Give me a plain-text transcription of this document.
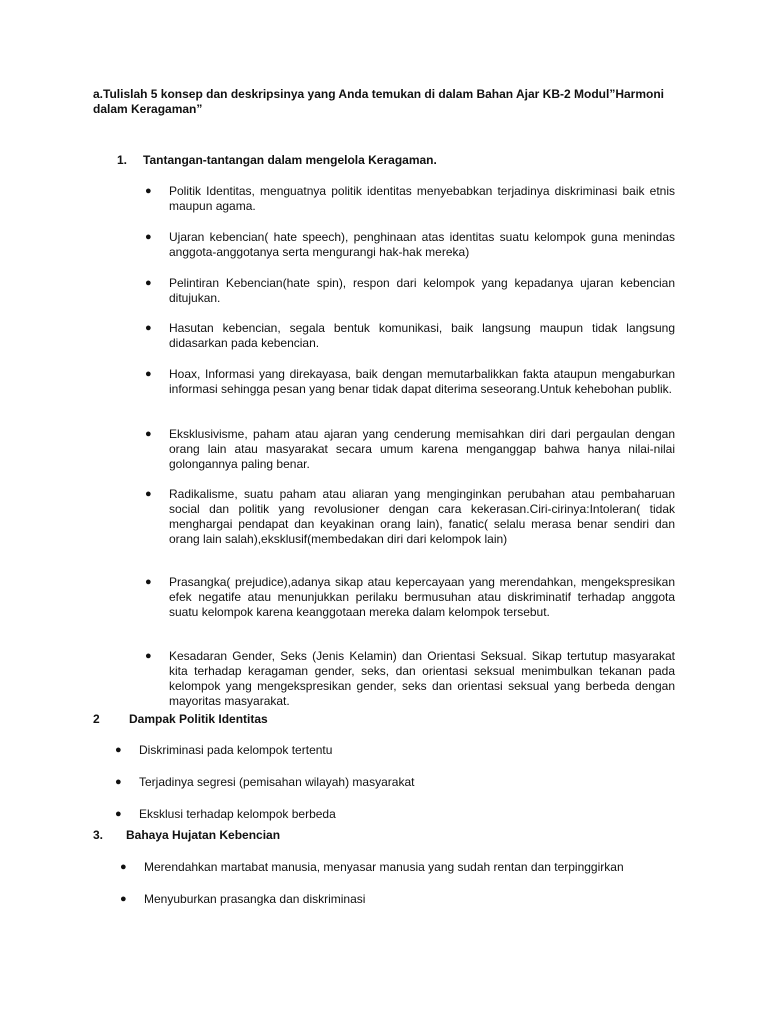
a.Tulislah 5 konsep dan deskripsinya yang Anda temukan di dalam Bahan Ajar KB-2 Modul”Harmoni dalam Keragaman”
1. Tantangan-tantangan dalam mengelola Keragaman.
● Politik Identitas, menguatnya politik identitas menyebabkan terjadinya diskriminasi baik etnis maupun agama.
● Ujaran kebencian( hate speech), penghinaan atas identitas suatu kelompok guna menindas anggota-anggotanya serta mengurangi hak-hak mereka)
● Pelintiran Kebencian(hate spin), respon dari kelompok yang kepadanya ujaran kebencian ditujukan.
● Hasutan kebencian, segala bentuk komunikasi, baik langsung maupun tidak langsung didasarkan pada kebencian.
● Hoax, Informasi yang direkayasa, baik dengan memutarbalikkan fakta ataupun mengaburkan informasi sehingga pesan yang benar tidak dapat diterima seseorang.Untuk kehebohan publik.
● Eksklusivisme, paham atau ajaran yang cenderung memisahkan diri dari pergaulan dengan orang lain atau masyarakat secara umum karena menganggap bahwa hanya nilai-nilai golongannya paling benar.
● Radikalisme, suatu paham atau aliaran yang menginginkan perubahan atau pembaharuan social dan politik yang revolusioner dengan cara kekerasan.Ciri-cirinya:Intoleran( tidak menghargai pendapat dan keyakinan orang lain), fanatic( selalu merasa benar sendiri dan orang lain salah),eksklusif(membedakan diri dari kelompok lain)
● Prasangka( prejudice),adanya sikap atau kepercayaan yang merendahkan, mengekspresikan efek negatife atau menunjukkan perilaku bermusuhan atau diskriminatif terhadap anggota suatu kelompok karena keanggotaan mereka dalam kelompok tersebut.
● Kesadaran Gender, Seks (Jenis Kelamin) dan Orientasi Seksual. Sikap tertutup masyarakat kita terhadap keragaman gender, seks, dan orientasi seksual menimbulkan tekanan pada kelompok yang mengekspresikan gender, seks dan orientasi seksual yang berbeda dengan mayoritas masyarakat.
2 Dampak Politik Identitas
● Diskriminasi pada kelompok tertentu
● Terjadinya segresi (pemisahan wilayah) masyarakat
● Eksklusi terhadap kelompok berbeda
3. Bahaya Hujatan Kebencian
● Merendahkan martabat manusia, menyasar manusia yang sudah rentan dan terpinggirkan
● Menyuburkan prasangka dan diskriminasi
